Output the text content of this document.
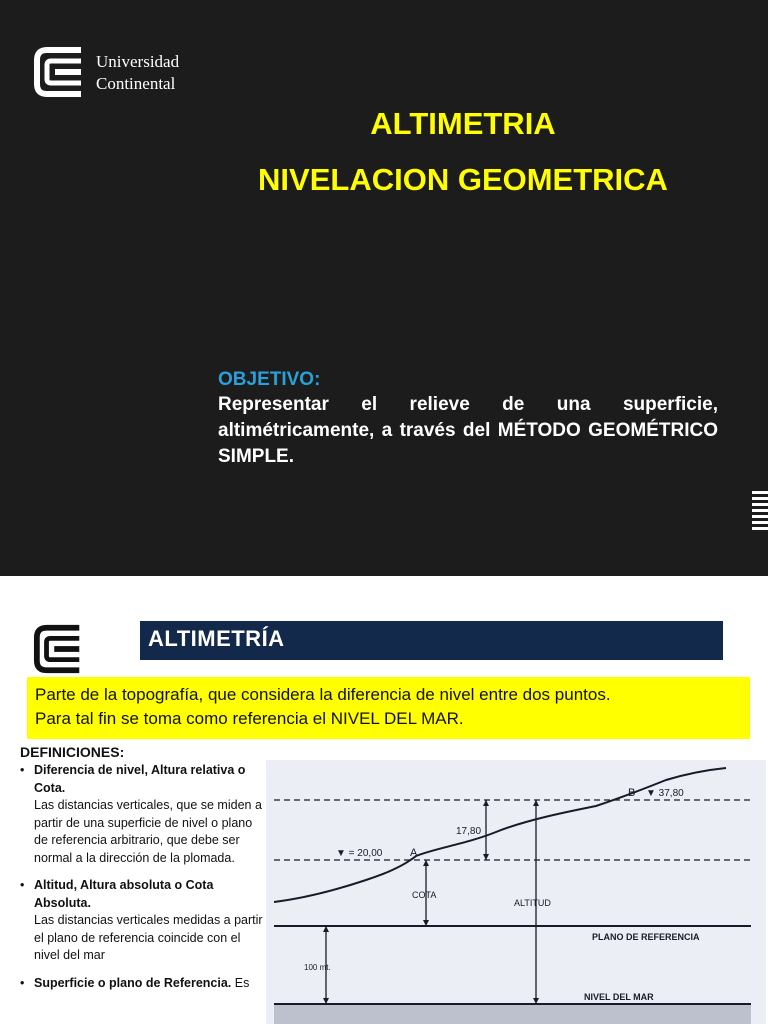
Universidad
Continental
ALTIMETRIA
NIVELACION GEOMETRICA
OBJETIVO:
Representar el relieve de una superficie, altimétricamente, a través del MÉTODO GEOMÉTRICO SIMPLE.
ALTIMETRÍA
Parte de la topografía, que considera la diferencia de nivel entre dos puntos.
Para tal fin se toma como referencia el NIVEL DEL MAR.
DEFINICIONES:
• Diferencia de nivel, Altura relativa o Cota.
Las distancias verticales, que se miden a partir de una superficie de nivel o plano de referencia arbitrario, que debe ser normal a la dirección de la plomada.
• Altitud, Altura absoluta o Cota Absoluta.
Las distancias verticales medidas a partir el plano de referencia coincide con el nivel del mar
• Superficie o plano de Referencia. Es
B ▼ 37,80
A
▼ = 20,00
17,80
COTA
ALTITUD
PLANO DE REFERENCIA
100 mt.
NIVEL DEL MAR
